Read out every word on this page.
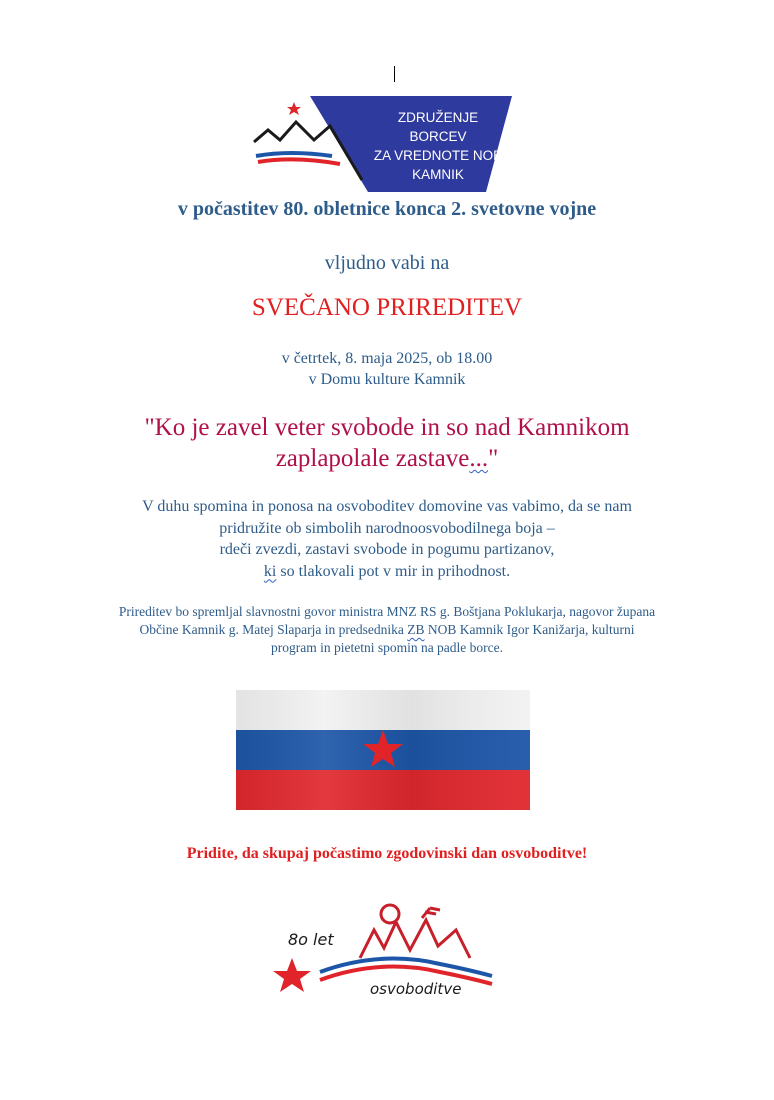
ZDRUŽENJE BORCEV
ZA VREDNOTE NOB
KAMNIK
v počastitev 80. obletnice konca 2. svetovne vojne
vljudno vabi na
SVEČANO PRIREDITEV
v četrtek, 8. maja 2025, ob 18.00
v Domu kulture Kamnik
"Ko je zavel veter svobode in so nad Kamnikom
zaplapolale zastave..."
V duhu spomina in ponosa na osvoboditev domovine vas vabimo, da se nam
pridružite ob simbolih narodnoosvobodilnega boja –
rdeči zvezdi, zastavi svobode in pogumu partizanov,
ki so tlakovali pot v mir in prihodnost.
Prireditev bo spremljal slavnostni govor ministra MNZ RS g. Boštjana Poklukarja, nagovor župana
Občine Kamnik g. Matej Slaparja in predsednika ZB NOB Kamnik Igor Kanižarja, kulturni
program in pietetni spomin na padle borce.
Pridite, da skupaj počastimo zgodovinski dan osvoboditve!
8o let
osvoboditve
